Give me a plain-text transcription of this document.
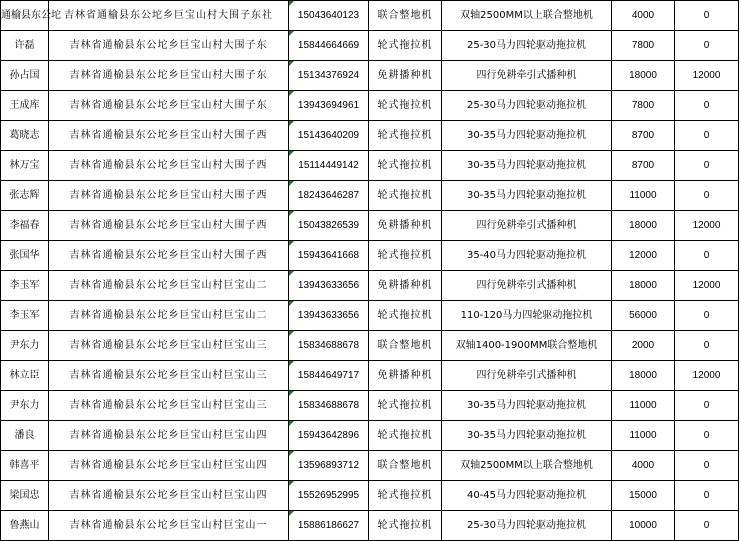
通榆县东公坨	吉林省通榆县东公坨乡巨宝山村大围子东社	15043640123	联合整地机	双轴2500MM以上联合整地机	4000	0
许磊	吉林省通榆县东公坨乡巨宝山村大围子东	15844664669	轮式拖拉机	25-30马力四轮驱动拖拉机	7800	0
孙占国	吉林省通榆县东公坨乡巨宝山村大围子东	15134376924	免耕播种机	四行免耕牵引式播种机	18000	12000
王成库	吉林省通榆县东公坨乡巨宝山村大围子东	13943694961	轮式拖拉机	25-30马力四轮驱动拖拉机	7800	0
葛晓志	吉林省通榆县东公坨乡巨宝山村大围子西	15143640209	轮式拖拉机	30-35马力四轮驱动拖拉机	8700	0
林万宝	吉林省通榆县东公坨乡巨宝山村大围子西	15114449142	轮式拖拉机	30-35马力四轮驱动拖拉机	8700	0
张志辉	吉林省通榆县东公坨乡巨宝山村大围子西	18243646287	轮式拖拉机	30-35马力四轮驱动拖拉机	11000	0
李福春	吉林省通榆县东公坨乡巨宝山村大围子西	15043826539	免耕播种机	四行免耕牵引式播种机	18000	12000
张国华	吉林省通榆县东公坨乡巨宝山村大围子西	15943641668	轮式拖拉机	35-40马力四轮驱动拖拉机	12000	0
李玉军	吉林省通榆县东公坨乡巨宝山村巨宝山二	13943633656	免耕播种机	四行免耕牵引式播种机	18000	12000
李玉军	吉林省通榆县东公坨乡巨宝山村巨宝山二	13943633656	轮式拖拉机	110-120马力四轮驱动拖拉机	56000	0
尹东力	吉林省通榆县东公坨乡巨宝山村巨宝山三	15834688678	联合整地机	双轴1400-1900MM联合整地机	2000	0
林立臣	吉林省通榆县东公坨乡巨宝山村巨宝山三	15844649717	免耕播种机	四行免耕牵引式播种机	18000	12000
尹东力	吉林省通榆县东公坨乡巨宝山村巨宝山三	15834688678	轮式拖拉机	30-35马力四轮驱动拖拉机	11000	0
潘良	吉林省通榆县东公坨乡巨宝山村巨宝山四	15943642896	轮式拖拉机	30-35马力四轮驱动拖拉机	11000	0
韩喜平	吉林省通榆县东公坨乡巨宝山村巨宝山四	13596893712	联合整地机	双轴2500MM以上联合整地机	4000	0
梁国忠	吉林省通榆县东公坨乡巨宝山村巨宝山四	15526952995	轮式拖拉机	40-45马力四轮驱动拖拉机	15000	0
鲁燕山	吉林省通榆县东公坨乡巨宝山村巨宝山一	15886186627	轮式拖拉机	25-30马力四轮驱动拖拉机	10000	0
